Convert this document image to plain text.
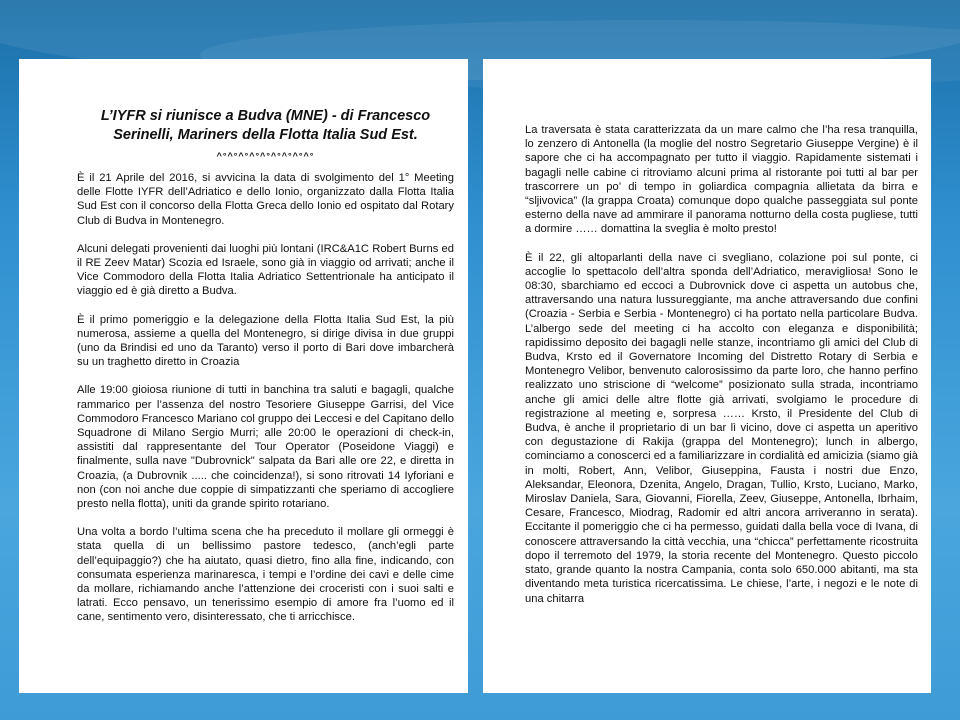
L’IYFR si riunisce a Budva (MNE) - di Francesco Serinelli, Mariners della Flotta Italia Sud Est.
^°^°^°^°^°^°^°^°^°

È il 21 Aprile del 2016, si avvicina la data di svolgimento del 1° Meeting delle Flotte IYFR dell’Adriatico e dello Ionio, organizzato dalla Flotta Italia Sud Est con il concorso della Flotta Greca dello Ionio ed ospitato dal Rotary Club di Budva in Montenegro.

Alcuni delegati provenienti dai luoghi più lontani (IRC&A1C Robert Burns ed il RE Zeev Matar) Scozia ed Israele, sono già in viaggio od arrivati; anche il Vice Commodoro della Flotta Italia Adriatico Settentrionale ha anticipato il viaggio ed è già diretto a Budva.

È il primo pomeriggio e la delegazione della Flotta Italia Sud Est, la più numerosa, assieme a quella del Montenegro, si dirige divisa in due gruppi (uno da Brindisi ed uno da Taranto) verso il porto di Bari dove imbarcherà su un traghetto diretto in Croazia

Alle 19:00 gioiosa riunione di tutti in banchina tra saluti e bagagli, qualche rammarico per l’assenza del nostro Tesoriere Giuseppe Garrisi, del Vice Commodoro Francesco Mariano col gruppo dei Leccesi e del Capitano dello Squadrone di Milano Sergio Murri; alle 20:00 le operazioni di check-in, assistiti dal rappresentante del Tour Operator (Poseidone Viaggi) e finalmente, sulla nave "Dubrovnick" salpata da Bari alle ore 22, e diretta in Croazia, (a Dubrovnik ..... che coincidenza!), si sono ritrovati 14 Iyforiani e non (con noi anche due coppie di simpatizzanti che speriamo di accogliere presto nella flotta), uniti da grande spirito rotariano.

Una volta a bordo l’ultima scena che ha preceduto il mollare gli ormeggi è stata quella di un bellissimo pastore tedesco, (anch’egli parte dell’equipaggio?) che ha aiutato, quasi dietro, fino alla fine, indicando, con consumata esperienza marinaresca, i tempi e l’ordine dei cavi e delle cime da mollare, richiamando anche l’attenzione dei croceristi con i suoi salti e latrati. Ecco pensavo, un tenerissimo esempio di amore fra l’uomo ed il cane, sentimento vero, disinteressato, che ti arricchisce.

La traversata è stata caratterizzata da un mare calmo che l’ha resa tranquilla, lo zenzero di Antonella (la moglie del nostro Segretario Giuseppe Vergine) è il sapore che ci ha accompagnato per tutto il viaggio. Rapidamente sistemati i bagagli nelle cabine ci ritroviamo alcuni prima al ristorante poi tutti al bar per trascorrere un po’ di tempo in goliardica compagnia allietata da birra e “sljivovica” (la grappa Croata) comunque dopo qualche passeggiata sul ponte esterno della nave ad ammirare il panorama notturno della costa pugliese, tutti a dormire …… domattina la sveglia è molto presto!

È il 22, gli altoparlanti della nave ci svegliano, colazione poi sul ponte, ci accoglie lo spettacolo dell’altra sponda dell’Adriatico, meravigliosa! Sono le 08:30, sbarchiamo ed eccoci a Dubrovnick dove ci aspetta un autobus che, attraversando una natura lussureggiante, ma anche attraversando due confini (Croazia - Serbia e Serbia - Montenegro) ci ha portato nella particolare Budva. L’albergo sede del meeting ci ha accolto con eleganza e disponibilità; rapidissimo deposito dei bagagli nelle stanze, incontriamo gli amici del Club di Budva, Krsto ed il Governatore Incoming del Distretto Rotary di Serbia e Montenegro Velibor, benvenuto calorosissimo da parte loro, che hanno perfino realizzato uno striscione di “welcome” posizionato sulla strada, incontriamo anche gli amici delle altre flotte già arrivati, svolgiamo le procedure di registrazione al meeting e, sorpresa …… Krsto, il Presidente del Club di Budva, è anche il proprietario di un bar lì vicino, dove ci aspetta un aperitivo con degustazione di Rakija (grappa del Montenegro); lunch in albergo, cominciamo a conoscerci ed a familiarizzare in cordialità ed amicizia (siamo già in molti, Robert, Ann, Velibor, Giuseppina, Fausta i nostri due Enzo, Aleksandar, Eleonora, Dzenita, Angelo, Dragan, Tullio, Krsto, Luciano, Marko, Miroslav Daniela, Sara, Giovanni, Fiorella, Zeev, Giuseppe, Antonella, Ibrhaim, Cesare, Francesco, Miodrag, Radomir ed altri ancora arriveranno in serata). Eccitante il pomeriggio che ci ha permesso, guidati dalla bella voce di Ivana, di conoscere attraversando la città vecchia, una “chicca” perfettamente ricostruita dopo il terremoto del 1979, la storia recente del Montenegro. Questo piccolo stato, grande quanto la nostra Campania, conta solo 650.000 abitanti, ma sta diventando meta turistica ricercatissima. Le chiese, l’arte, i negozi e le note di una chitarra
